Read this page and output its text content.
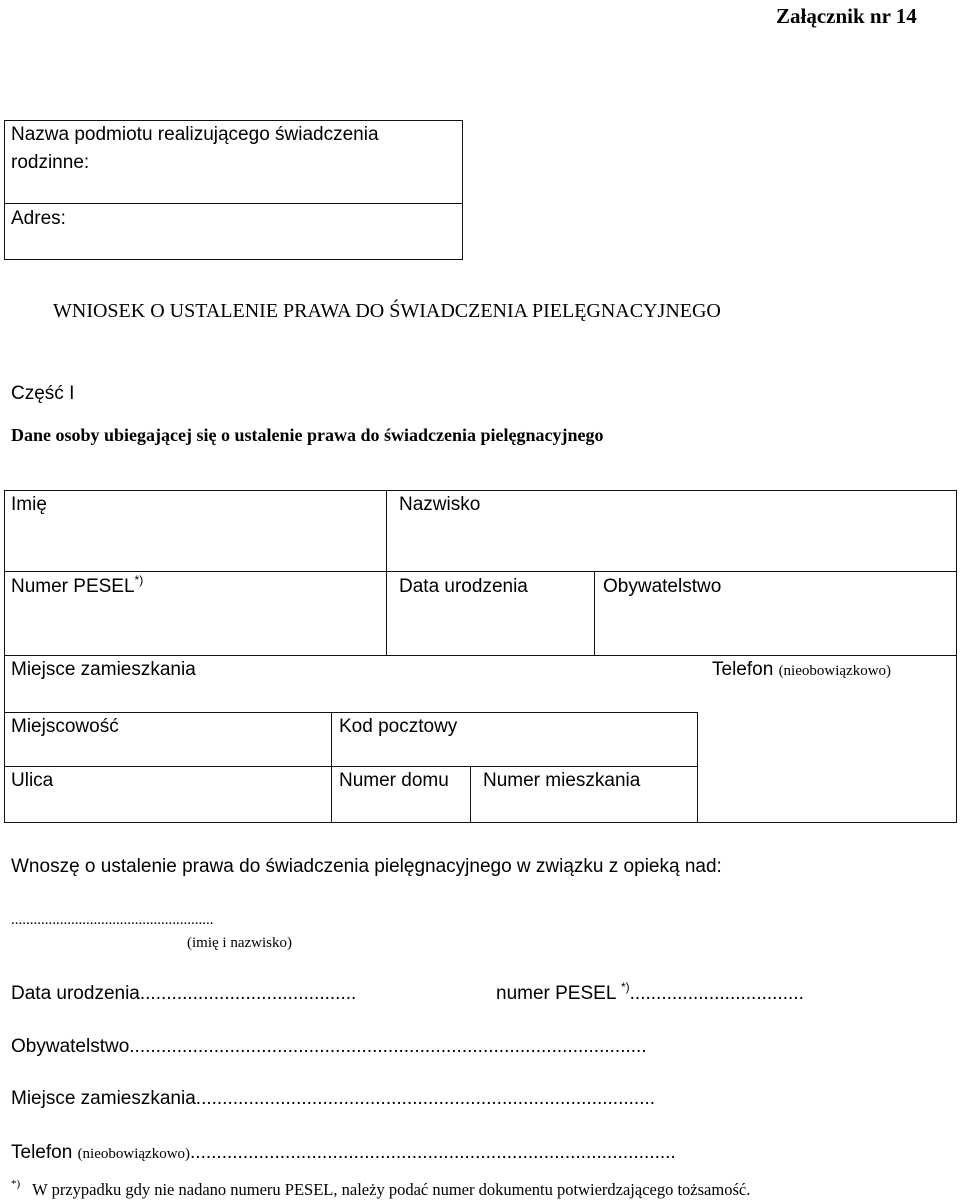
Załącznik nr 14
Nazwa podmiotu realizującego świadczenia
rodzinne:
Adres:
WNIOSEK O USTALENIE PRAWA DO ŚWIADCZENIA PIELĘGNACYJNEGO
Część I
Dane osoby ubiegającej się o ustalenie prawa do świadczenia pielęgnacyjnego
Imię	Nazwisko
Numer PESEL*)	Data urodzenia	Obywatelstwo
Miejsce zamieszkania	Telefon (nieobowiązkowo)
Miejscowość	Kod pocztowy
Ulica	Numer domu Numer mieszkania
Wnoszę o ustalenie prawa do świadczenia pielęgnacyjnego w związku z opieką nad:
......................................................
(imię i nazwisko)
Data urodzenia.........................................	numer PESEL *).................................
Obywatelstwo..................................................................................................
Miejsce zamieszkania.......................................................................................
Telefon (nieobowiązkowo)............................................................................................
*) W przypadku gdy nie nadano numeru PESEL, należy podać numer dokumentu potwierdzającego tożsamość.
